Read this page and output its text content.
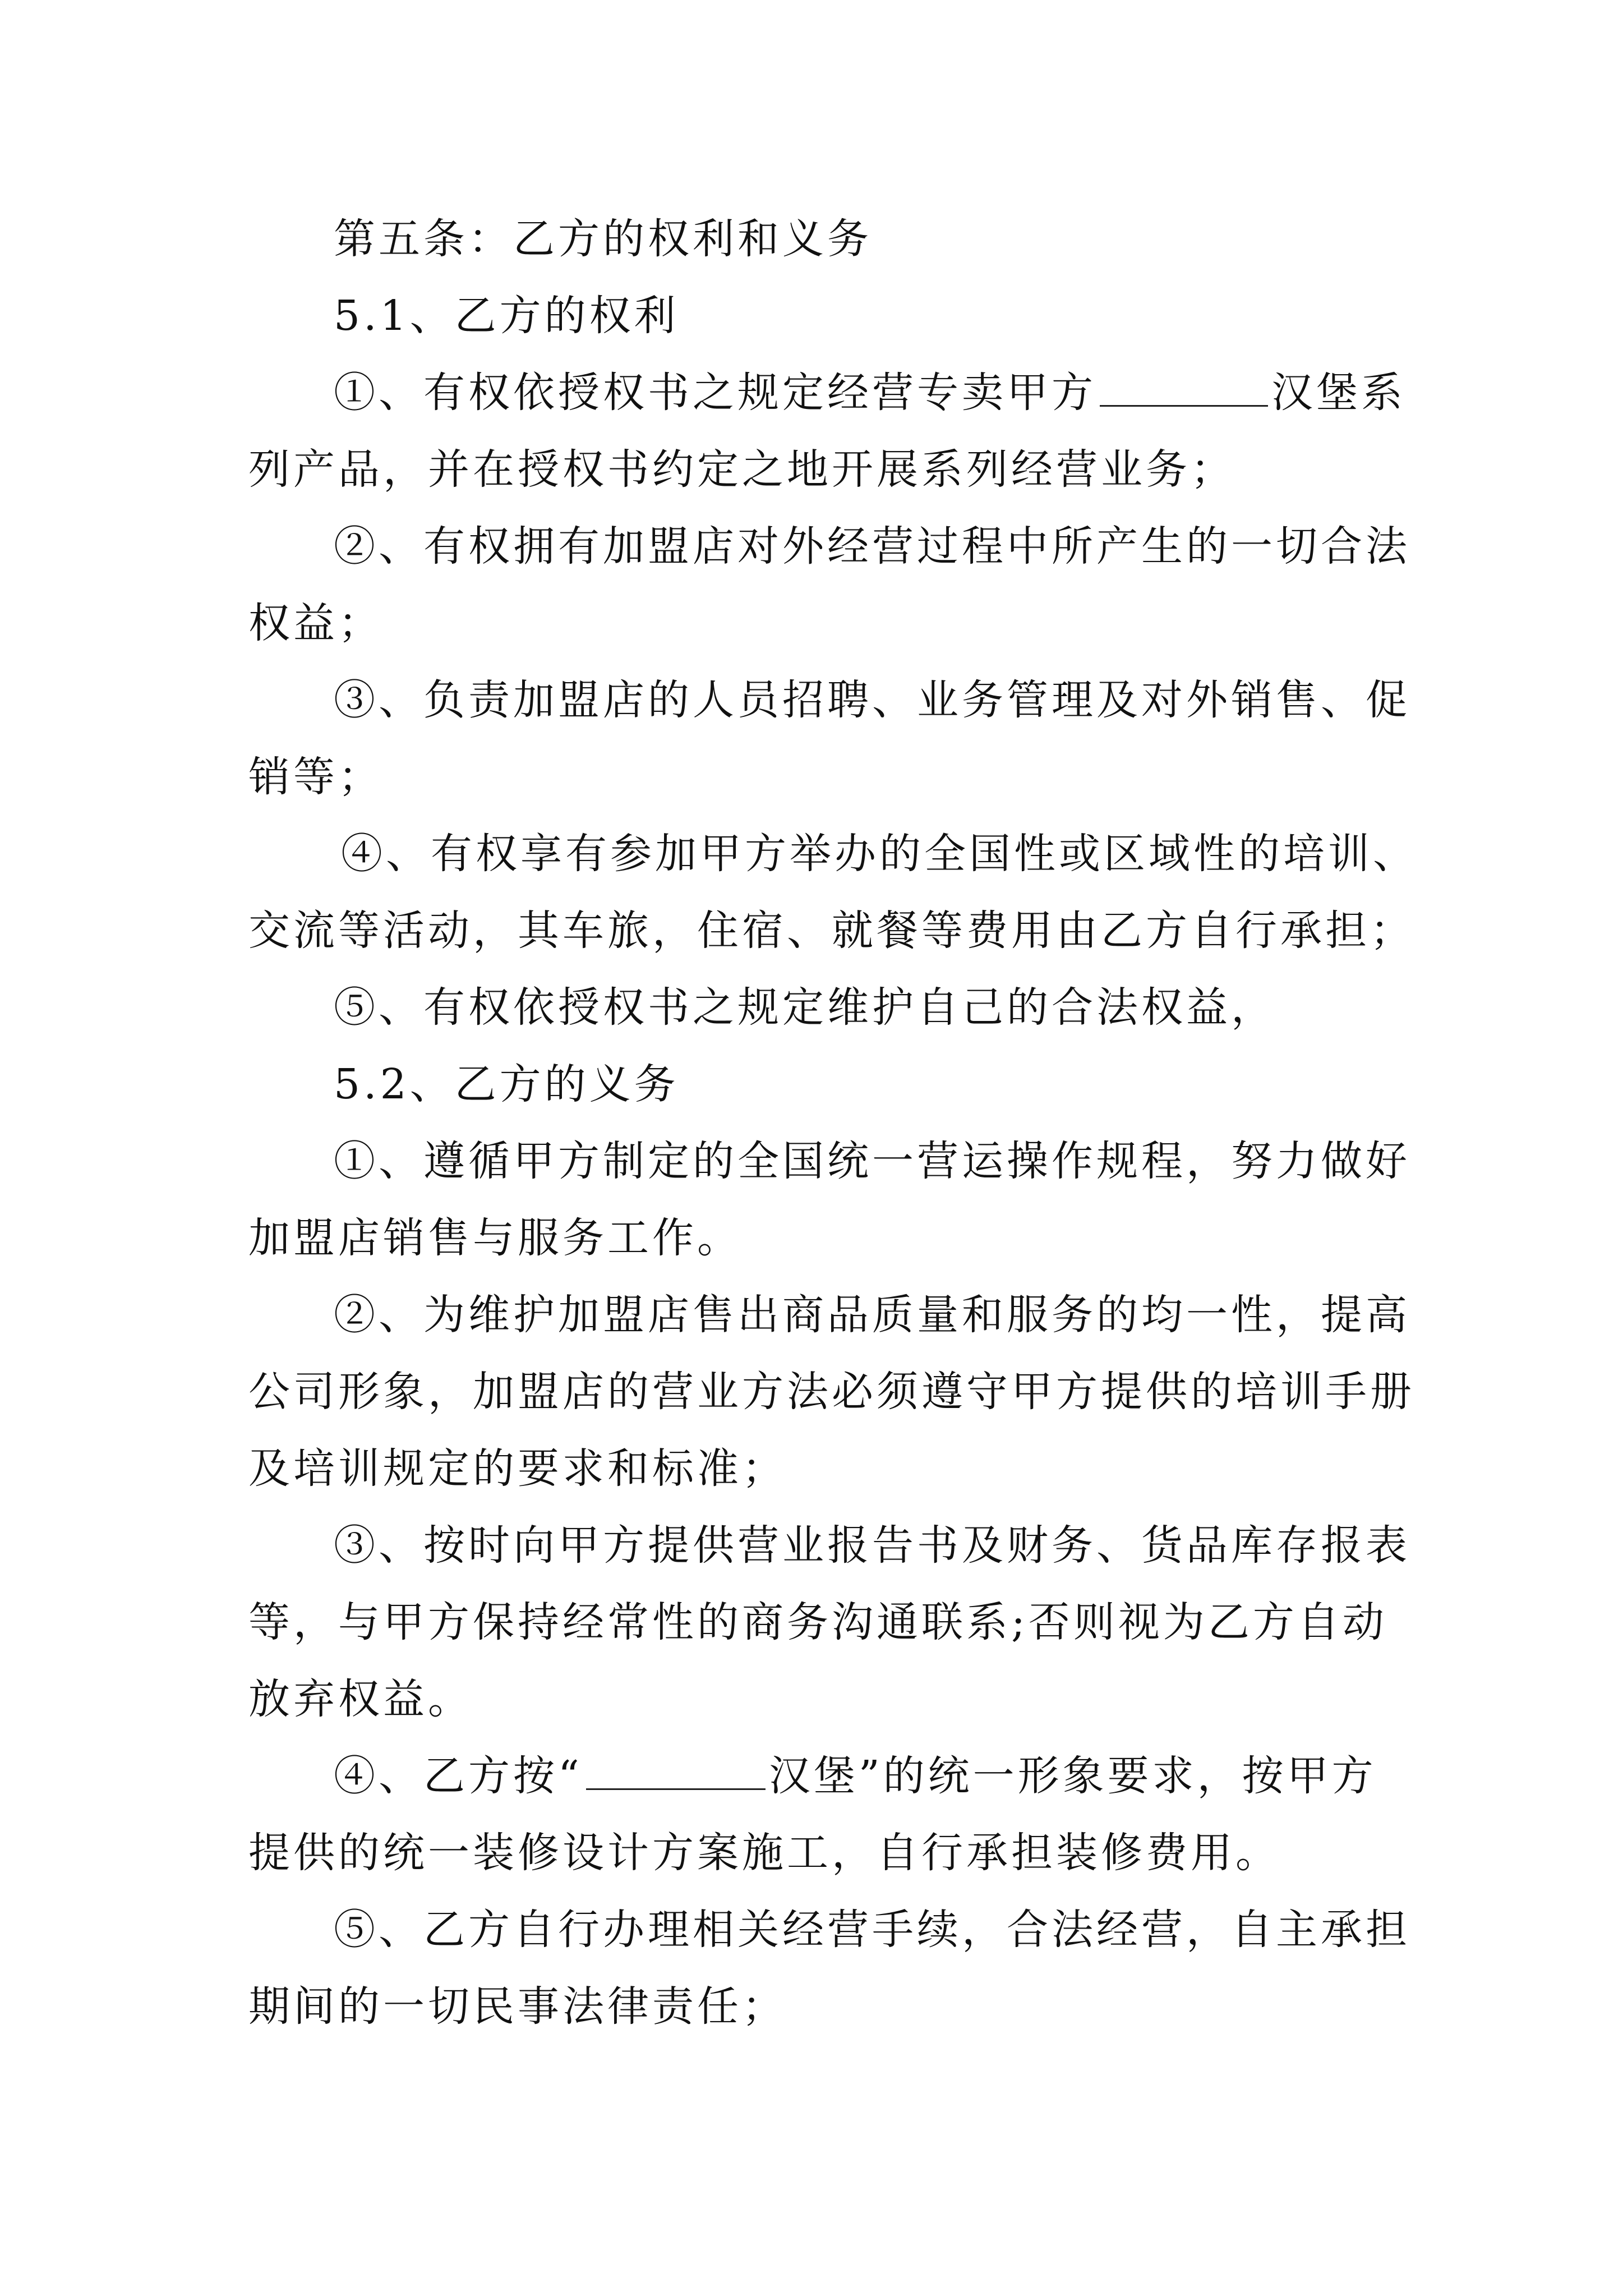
第五条：乙方的权利和义务
5.1、乙方的权利
①、有权依授权书之规定经营专卖甲方	汉堡系
列产品，并在授权书约定之地开展系列经营业务；
②、有权拥有加盟店对外经营过程中所产生的一切合法
权益；
③、负责加盟店的人员招聘、业务管理及对外销售、促
销等；
④、有权享有参加甲方举办的全国性或区域性的培训、
交流等活动，其车旅，住宿、就餐等费用由乙方自行承担；
⑤、有权依授权书之规定维护自己的合法权益，
5.2、乙方的义务
①、遵循甲方制定的全国统一营运操作规程，努力做好
加盟店销售与服务工作。
②、为维护加盟店售出商品质量和服务的均一性，提高
公司形象，加盟店的营业方法必须遵守甲方提供的培训手册
及培训规定的要求和标准；
③、按时向甲方提供营业报告书及财务、货品库存报表
等，与甲方保持经常性的商务沟通联系;否则视为乙方自动
放弃权益。
④、乙方按“	汉堡”的统一形象要求，按甲方
提供的统一装修设计方案施工，自行承担装修费用。
⑤、乙方自行办理相关经营手续，合法经营，自主承担
期间的一切民事法律责任；
